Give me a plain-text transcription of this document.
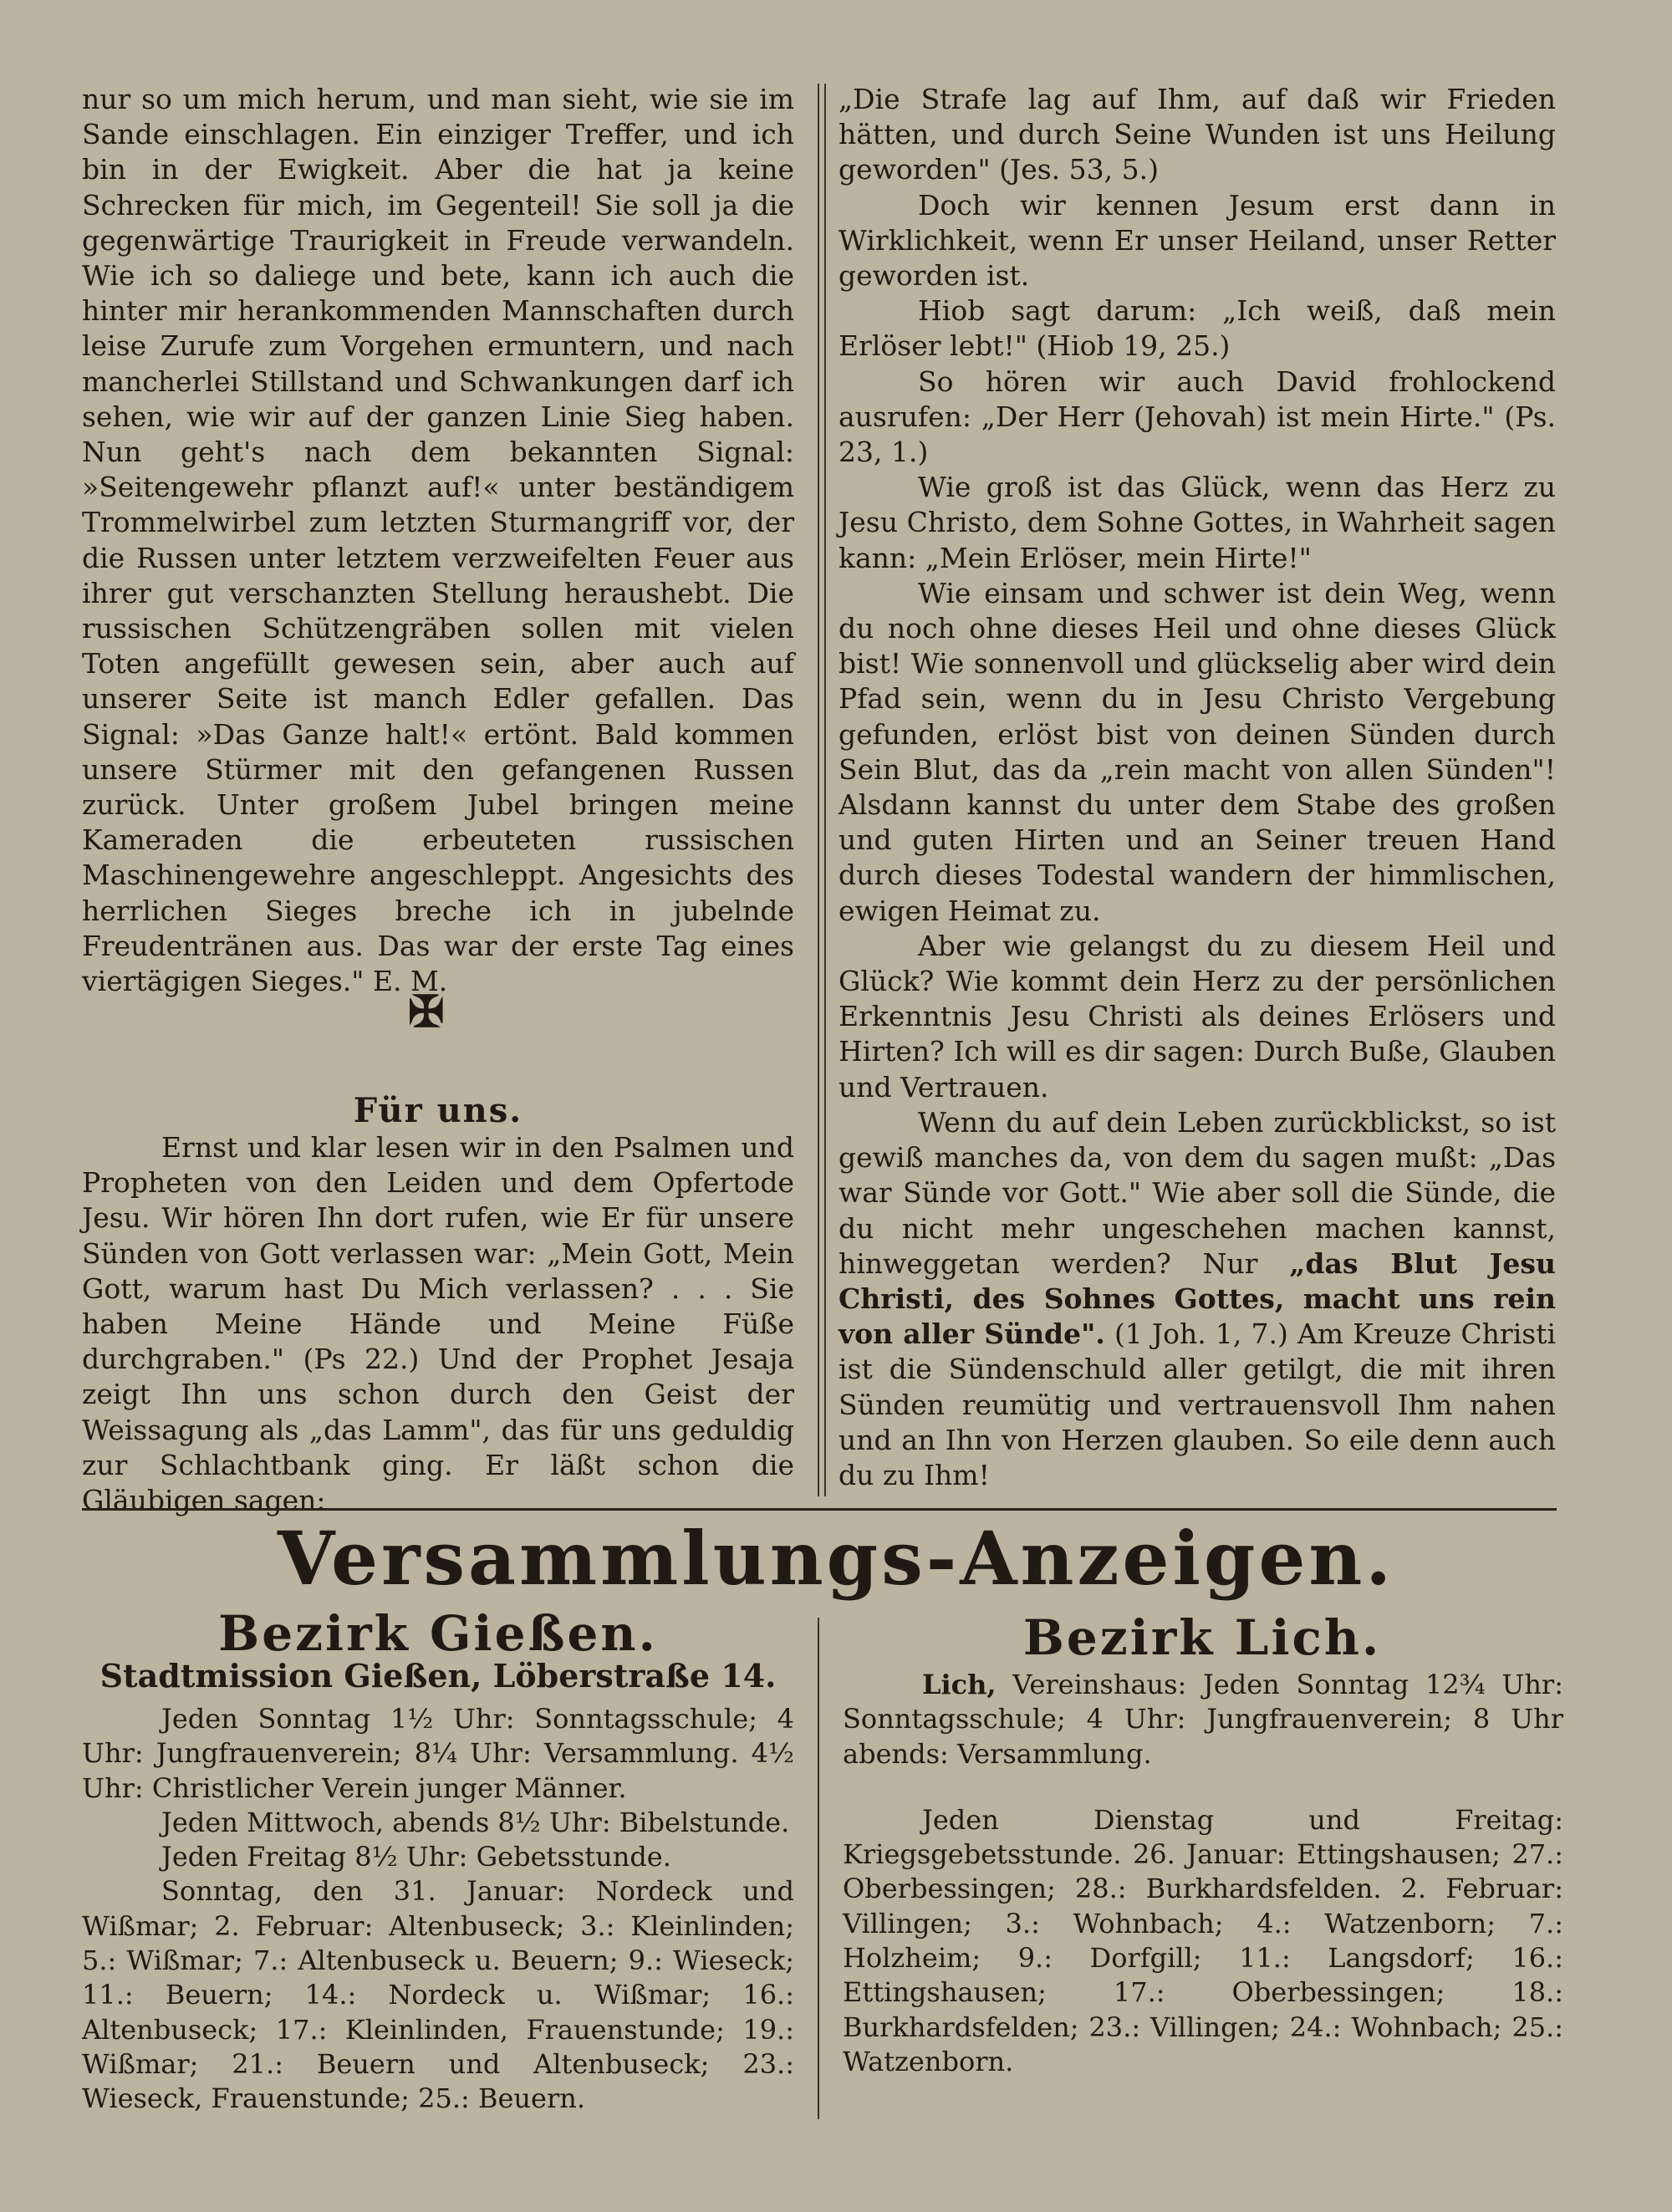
nur so um mich herum, und man sieht, wie sie im Sande einschlagen. Ein einziger Treffer, und ich bin in der Ewigkeit. Aber die hat ja keine Schrecken für mich, im Gegenteil! Sie soll ja die gegenwärtige Traurigkeit in Freude verwandeln. Wie ich so daliege und bete, kann ich auch die hinter mir herankommenden Mannschaften durch leise Zurufe zum Vorgehen ermuntern, und nach mancherlei Stillstand und Schwankungen darf ich sehen, wie wir auf der ganzen Linie Sieg haben. Nun geht's nach dem bekannten Signal: »Seitengewehr pflanzt auf!« unter beständigem Trommelwirbel zum letzten Sturmangriff vor, der die Russen unter letztem verzweifelten Feuer aus ihrer gut verschanzten Stellung heraushebt. Die russischen Schützengräben sollen mit vielen Toten angefüllt gewesen sein, aber auch auf unserer Seite ist manch Edler gefallen. Das Signal: »Das Ganze halt!« ertönt. Bald kommen unsere Stürmer mit den gefangenen Russen zurück. Unter großem Jubel bringen meine Kameraden die erbeuteten russischen Maschinengewehre angeschleppt. Angesichts des herrlichen Sieges breche ich in jubelnde Freudentränen aus. Das war der erste Tag eines viertägigen Sieges." E. M.

✠
Für uns.

Ernst und klar lesen wir in den Psalmen und Propheten von den Leiden und dem Opfertode Jesu. Wir hören Ihn dort rufen, wie Er für unsere Sünden von Gott verlassen war: „Mein Gott, Mein Gott, warum hast Du Mich verlassen? . . . Sie haben Meine Hände und Meine Füße durchgraben." (Ps 22.) Und der Prophet Jesaja zeigt Ihn uns schon durch den Geist der Weissagung als „das Lamm", das für uns geduldig zur Schlachtbank ging. Er läßt schon die Gläubigen sagen:

„Die Strafe lag auf Ihm, auf daß wir Frieden hätten, und durch Seine Wunden ist uns Heilung geworden" (Jes. 53, 5.)

Doch wir kennen Jesum erst dann in Wirklichkeit, wenn Er unser Heiland, unser Retter geworden ist.

Hiob sagt darum: „Ich weiß, daß mein Erlöser lebt!" (Hiob 19, 25.)

So hören wir auch David frohlockend ausrufen: „Der Herr (Jehovah) ist mein Hirte." (Ps. 23, 1.)

Wie groß ist das Glück, wenn das Herz zu Jesu Christo, dem Sohne Gottes, in Wahrheit sagen kann: „Mein Erlöser, mein Hirte!"

Wie einsam und schwer ist dein Weg, wenn du noch ohne dieses Heil und ohne dieses Glück bist! Wie sonnenvoll und glückselig aber wird dein Pfad sein, wenn du in Jesu Christo Vergebung gefunden, erlöst bist von deinen Sünden durch Sein Blut, das da „rein macht von allen Sünden"! Alsdann kannst du unter dem Stabe des großen und guten Hirten und an Seiner treuen Hand durch dieses Todestal wandern der himmlischen, ewigen Heimat zu.

Aber wie gelangst du zu diesem Heil und Glück? Wie kommt dein Herz zu der persönlichen Erkenntnis Jesu Christi als deines Erlösers und Hirten? Ich will es dir sagen: Durch Buße, Glauben und Vertrauen.

Wenn du auf dein Leben zurückblickst, so ist gewiß manches da, von dem du sagen mußt: „Das war Sünde vor Gott." Wie aber soll die Sünde, die du nicht mehr ungeschehen machen kannst, hinweggetan werden? Nur „das Blut Jesu Christi, des Sohnes Gottes, macht uns rein von aller Sünde". (1 Joh. 1, 7.) Am Kreuze Christi ist die Sündenschuld aller getilgt, die mit ihren Sünden reumütig und vertrauensvoll Ihm nahen und an Ihn von Herzen glauben. So eile denn auch du zu Ihm!

Versammlungs-Anzeigen.
Bezirk Gießen.	Bezirk Lich.
Stadtmission Gießen, Löberstraße 14.

Jeden Sonntag 1½ Uhr: Sonntagsschule; 4 Uhr: Jungfrauenverein; 8¼ Uhr: Versammlung. 4½ Uhr: Christlicher Verein junger Männer.

Jeden Mittwoch, abends 8½ Uhr: Bibelstunde.

Jeden Freitag 8½ Uhr: Gebetsstunde.

Sonntag, den 31. Januar: Nordeck und Wißmar; 2. Februar: Altenbuseck; 3.: Kleinlinden; 5.: Wißmar; 7.: Altenbuseck u. Beuern; 9.: Wieseck; 11.: Beuern; 14.: Nordeck u. Wißmar; 16.: Altenbuseck; 17.: Kleinlinden, Frauenstunde; 19.: Wißmar; 21.: Beuern und Altenbuseck; 23.: Wieseck, Frauenstunde; 25.: Beuern.

Lich, Vereinshaus: Jeden Sonntag 12¾ Uhr: Sonntagsschule; 4 Uhr: Jungfrauenverein; 8 Uhr abends: Versammlung.

Jeden Dienstag und Freitag: Kriegsgebetsstunde. 26. Januar: Ettingshausen; 27.: Oberbessingen; 28.: Burkhardsfelden. 2. Februar: Villingen; 3.: Wohnbach; 4.: Watzenborn; 7.: Holzheim; 9.: Dorfgill; 11.: Langsdorf; 16.: Ettingshausen; 17.: Oberbessingen; 18.: Burkhardsfelden; 23.: Villingen; 24.: Wohnbach; 25.: Watzenborn.
